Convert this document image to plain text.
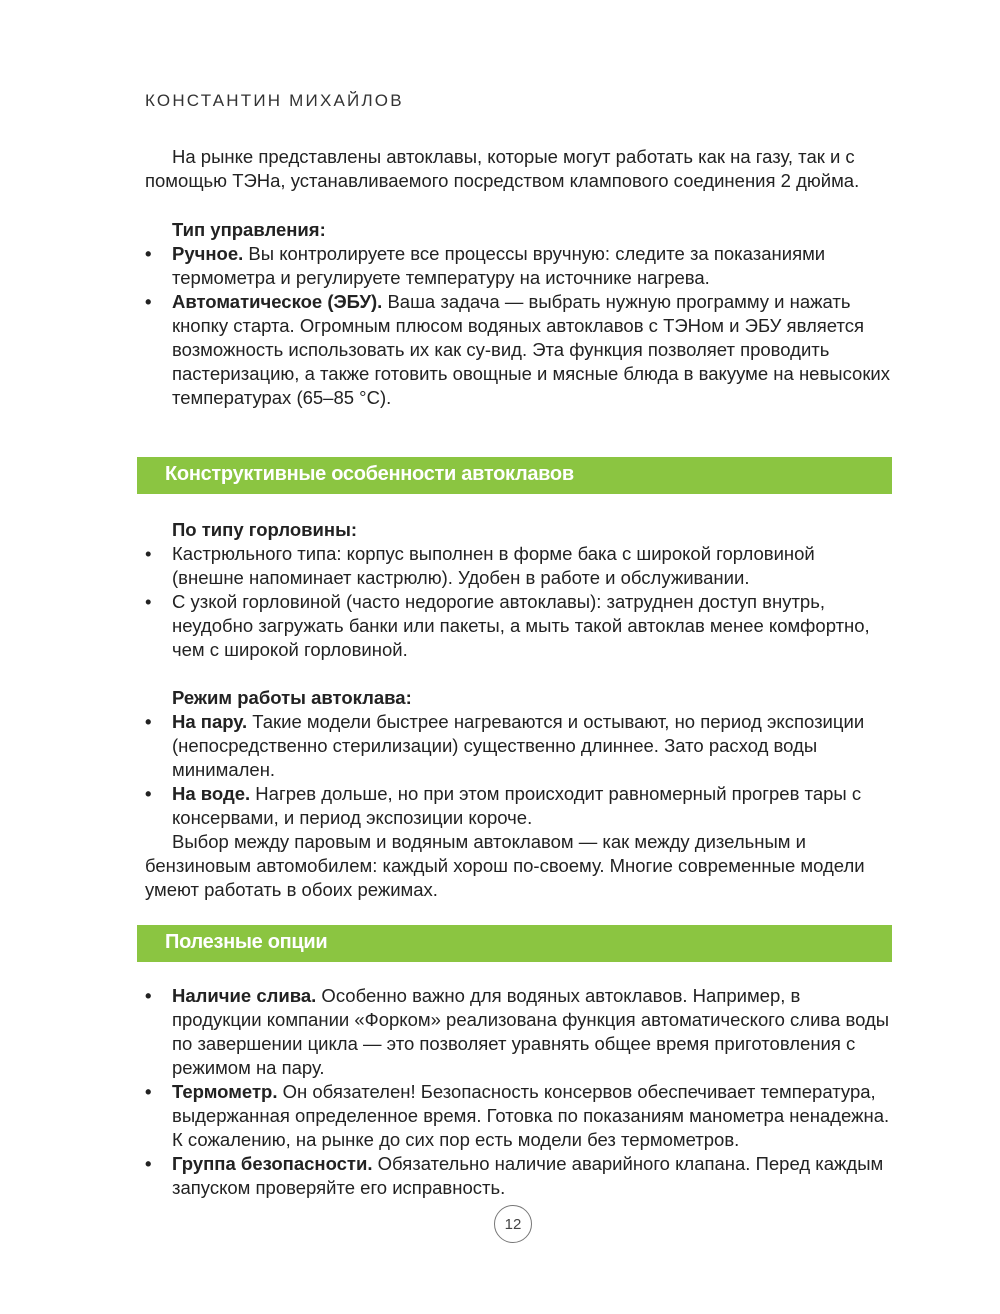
КОНСТАНТИН МИХАЙЛОВ
На рынке представлены автоклавы, которые могут работать как на газу, так и с помощью ТЭНа, устанавливаемого посредством клампового соединения 2 дюйма.
Тип управления:
•	Ручное. Вы контролируете все процессы вручную: следите за показаниями термометра и регулируете температуру на источнике нагрева.
•	Автоматическое (ЭБУ). Ваша задача — выбрать нужную программу и нажать кнопку старта. Огромным плюсом водяных автоклавов с ТЭНом и ЭБУ является возможность использовать их как су-вид. Эта функция позволяет проводить пастеризацию, а также готовить овощные и мясные блюда в вакууме на невысоких температурах (65–85 °C).
Конструктивные особенности автоклавов
По типу горловины:
•	Кастрюльного типа: корпус выполнен в форме бака с широкой горловиной (внешне напоминает кастрюлю). Удобен в работе и обслуживании.
•	С узкой горловиной (часто недорогие автоклавы): затруднен доступ внутрь, неудобно загружать банки или пакеты, а мыть такой автоклав менее комфортно, чем с широкой горловиной.
Режим работы автоклава:
•	На пару. Такие модели быстрее нагреваются и остывают, но период экспозиции (непосредственно стерилизации) существенно длиннее. Зато расход воды минимален.
•	На воде. Нагрев дольше, но при этом происходит равномерный прогрев тары с консервами, и период экспозиции короче.
Выбор между паровым и водяным автоклавом — как между дизельным и бензиновым автомобилем: каждый хорош по-своему. Многие современные модели умеют работать в обоих режимах.
Полезные опции
•	Наличие слива. Особенно важно для водяных автоклавов. Например, в продукции компании «Форком» реализована функция автоматического слива воды по завершении цикла — это позволяет уравнять общее время приготовления с режимом на пару.
•	Термометр. Он обязателен! Безопасность консервов обеспечивает температура, выдержанная определенное время. Готовка по показаниям манометра ненадежна. К сожалению, на рынке до сих пор есть модели без термометров.
•	Группа безопасности. Обязательно наличие аварийного клапана. Перед каждым запуском проверяйте его исправность.
12
